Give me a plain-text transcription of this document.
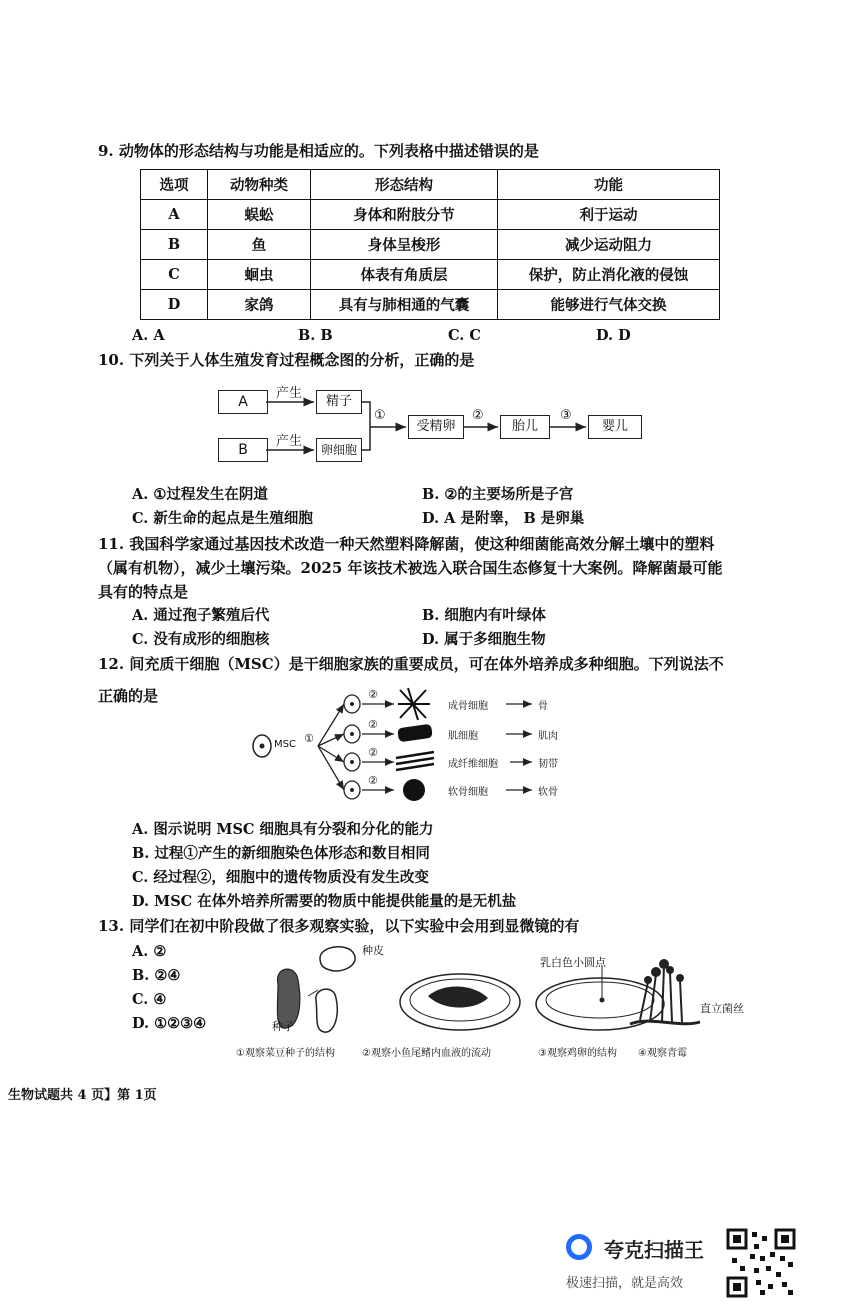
9. 动物体的形态结构与功能是相适应的。下列表格中描述错误的是
选项	动物种类	形态结构	功能
A	蜈蚣	身体和附肢分节	利于运动
B	鱼	身体呈梭形	减少运动阻力
C	蛔虫	体表有角质层	保护，防止消化液的侵蚀
D	家鸽	具有与肺相通的气囊	能够进行气体交换
A. A	B. B	C. C	D. D
10. 下列关于人体生殖发育过程概念图的分析，正确的是
A
B
产生
产生
精子
卵细胞
①
受精卵
②
胎儿
③
婴儿
A. ①过程发生在阴道	B. ②的主要场所是子宫
C. 新生命的起点是生殖细胞	D. A 是附睾， B 是卵巢
11. 我国科学家通过基因技术改造一种天然塑料降解菌，使这种细菌能高效分解土壤中的塑料
（属有机物），减少土壤污染。2025 年该技术被选入联合国生态修复十大案例。降解菌最可能
具有的特点是
A. 通过孢子繁殖后代	B. 细胞内有叶绿体
C. 没有成形的细胞核	D. 属于多细胞生物
12. 间充质干细胞（MSC）是干细胞家族的重要成员，可在体外培养成多种细胞。下列说法不
正确的是
MSC ①
②
②
②
②
成骨细胞
肌细胞
成纤维细胞
软骨细胞
骨
肌肉
韧带
软骨
A. 图示说明 MSC 细胞具有分裂和分化的能力
B. 过程①产生的新细胞染色体形态和数目相同
C. 经过程②，细胞中的遗传物质没有发生改变
D. MSC 在体外培养所需要的物质中能提供能量的是无机盐
13. 同学们在初中阶段做了很多观察实验，以下实验中会用到显微镜的有
A. ②
B. ②④
C. ④
D. ①②③④
种皮
种子
乳白色小圆点
直立菌丝
①观察菜豆种子的结构	②观察小鱼尾鳍内血液的流动	③观察鸡卵的结构 ④观察青霉
生物试题共 4 页】第 1页
夸克扫描王
极速扫描，就是高效
